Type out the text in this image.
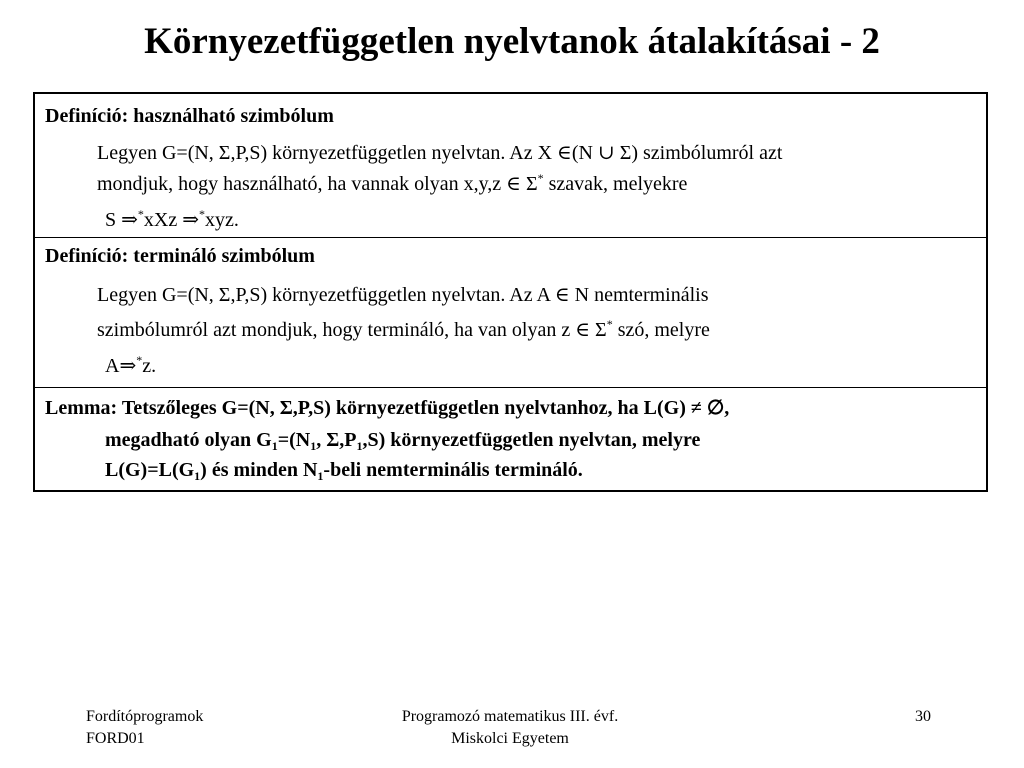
Környezetfüggetlen nyelvtanok átalakításai - 2
Definíció: használható szimbólum
Legyen G=(N, Σ,P,S) környezetfüggetlen nyelvtan. Az X ∈(N ∪ Σ) szimbólumról azt
mondjuk, hogy használható, ha vannak olyan x,y,z ∈ Σ* szavak, melyekre
S ⇒*xXz ⇒*xyz.
Definíció: termináló szimbólum
Legyen G=(N, Σ,P,S) környezetfüggetlen nyelvtan. Az A ∈ N nemterminális
szimbólumról azt mondjuk, hogy termináló, ha van olyan z ∈ Σ* szó, melyre
A⇒*z.
Lemma: Tetszőleges G=(N, Σ,P,S) környezetfüggetlen nyelvtanhoz, ha L(G) ≠ ∅,
megadható olyan $G_1=(N_1$, $\Sigma,P_1,S$) környezetfüggetlen nyelvtan, melyre
$L(G)=L(G_1)$ és minden $N_1$-beli nemterminális termináló.
Fordítóprogramok
FORD01
Programozó matematikus III. évf.
Miskolci Egyetem
30
